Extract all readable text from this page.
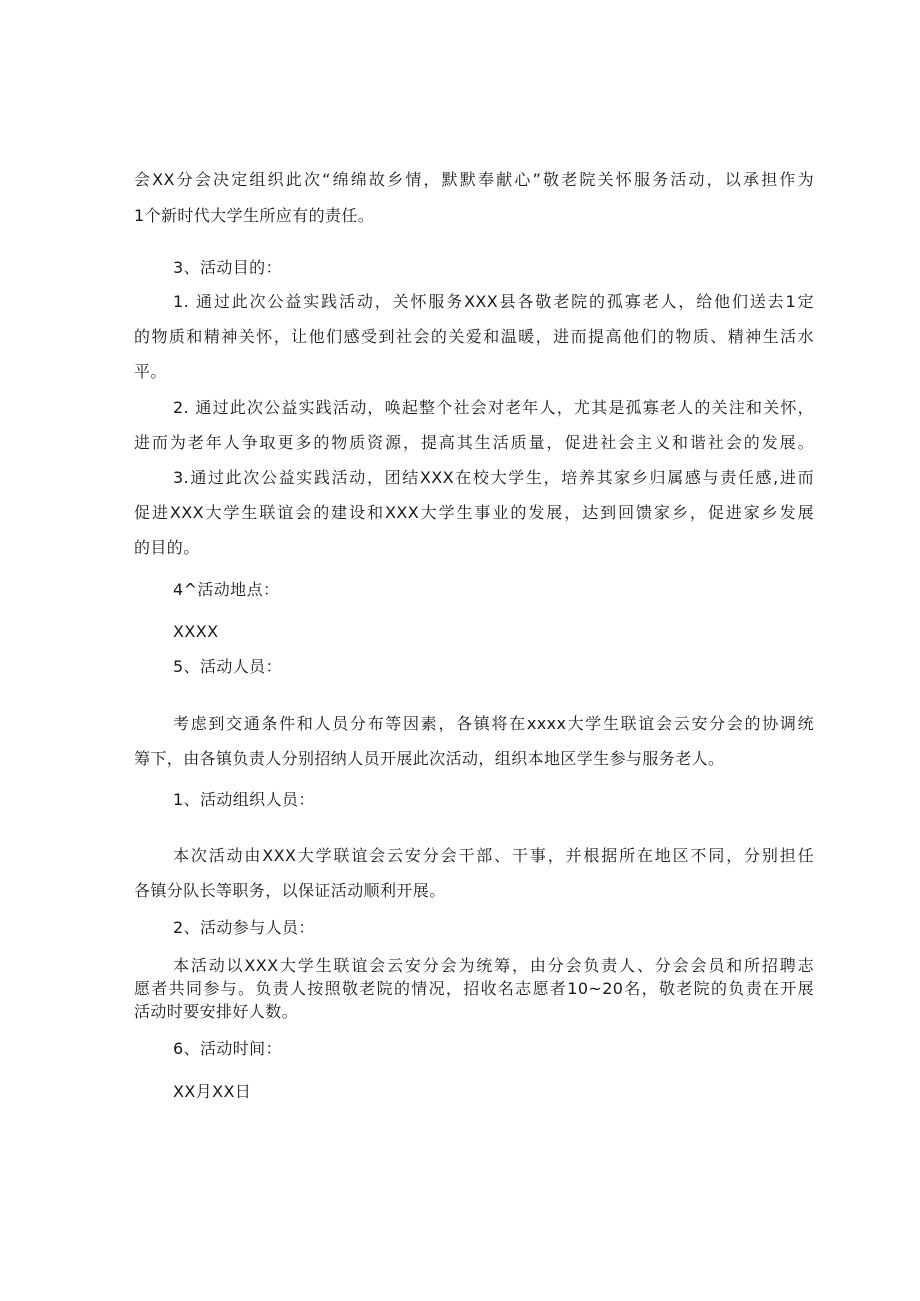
会XX分会决定组织此次“绵绵故乡情，默默奉献心”敬老院关怀服务活动，以承担作为
1个新时代大学生所应有的责任。
3、活动目的：
1. 通过此次公益实践活动，关怀服务XXX县各敬老院的孤寡老人，给他们送去1定
的物质和精神关怀，让他们感受到社会的关爱和温暖，进而提高他们的物质、精神生活水
平。
2. 通过此次公益实践活动，唤起整个社会对老年人，尤其是孤寡老人的关注和关怀，
进而为老年人争取更多的物质资源，提高其生活质量，促进社会主义和谐社会的发展。
3.通过此次公益实践活动，团结XXX在校大学生，培养其家乡归属感与责任感,进而
促进XXX大学生联谊会的建设和XXX大学生事业的发展，达到回馈家乡，促进家乡发展
的目的。
4^活动地点：
XXXX
5、活动人员：
考虑到交通条件和人员分布等因素，各镇将在xxxx大学生联谊会云安分会的协调统
筹下，由各镇负责人分别招纳人员开展此次活动，组织本地区学生参与服务老人。
1、活动组织人员：
本次活动由XXX大学联谊会云安分会干部、干事，并根据所在地区不同，分别担任
各镇分队长等职务，以保证活动顺利开展。
2、活动参与人员：
本活动以XXX大学生联谊会云安分会为统筹，由分会负责人、分会会员和所招聘志
愿者共同参与。负责人按照敬老院的情况，招收名志愿者10~20名，敬老院的负责在开展
活动时要安排好人数。
6、活动时间：
XX月XX日
